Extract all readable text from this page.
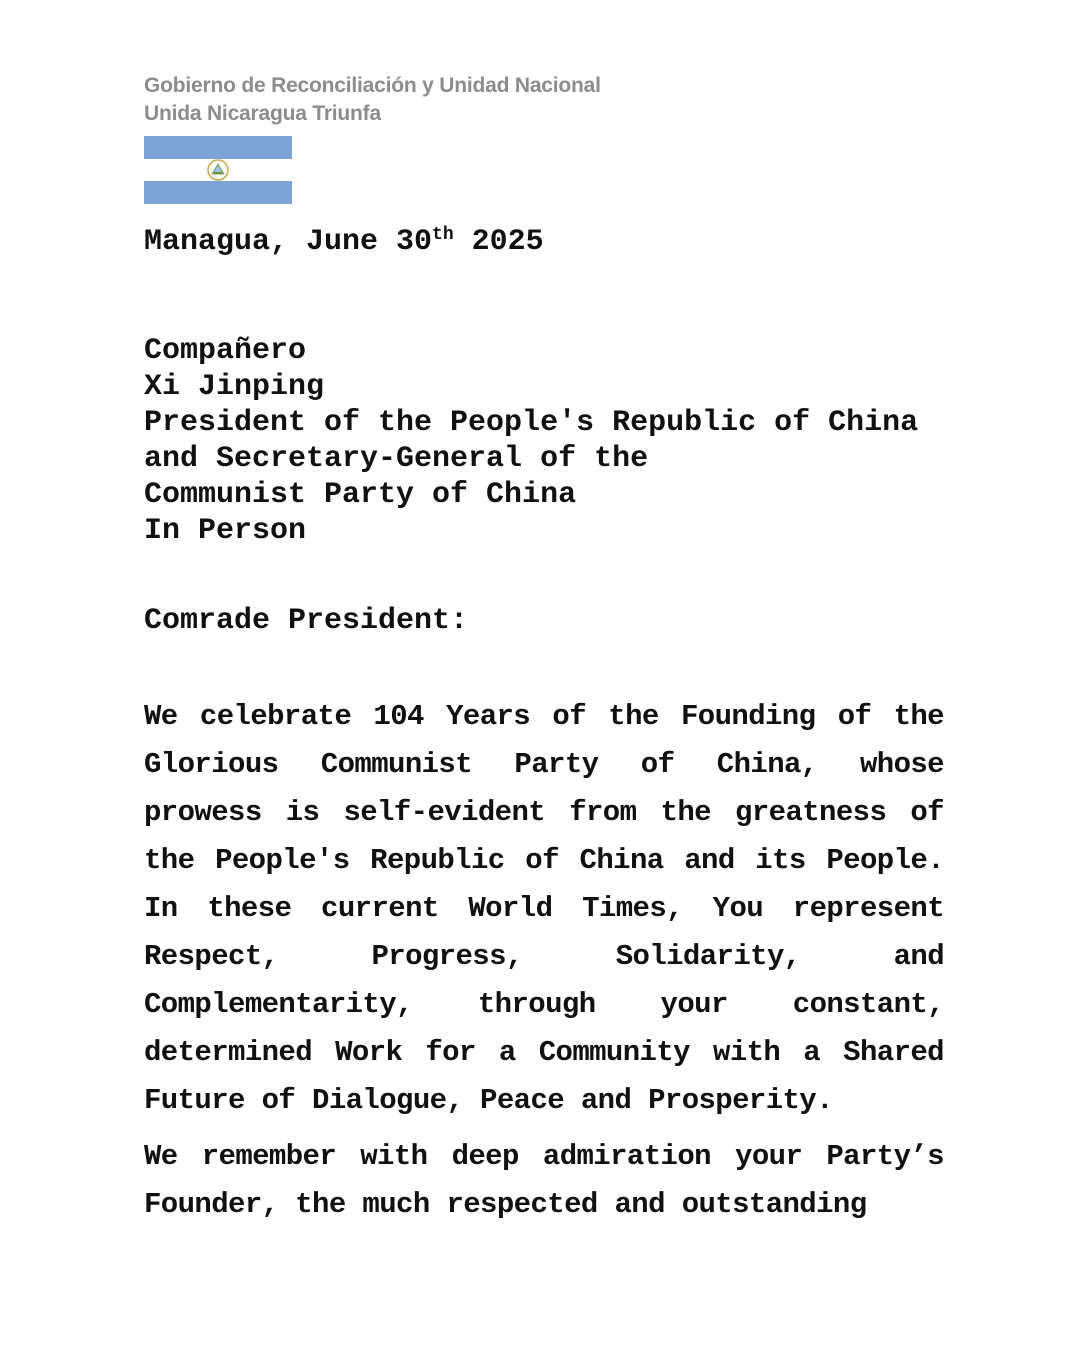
Gobierno de Reconciliación y Unidad Nacional
Unida Nicaragua Triunfa
Managua, June 30th 2025
Compañero
Xi Jinping
President of the People's Republic of China
and Secretary-General of the
Communist Party of China
In Person
Comrade President:
We celebrate 104 Years of the Founding of the Glorious Communist Party of China, whose prowess is self-evident from the greatness of the People's Republic of China and its People. In these current World Times, You represent Respect, Progress, Solidarity, and Complementarity, through your constant, determined Work for a Community with a Shared Future of Dialogue, Peace and Prosperity.
We remember with deep admiration your Party’s Founder, the much respected and outstanding
